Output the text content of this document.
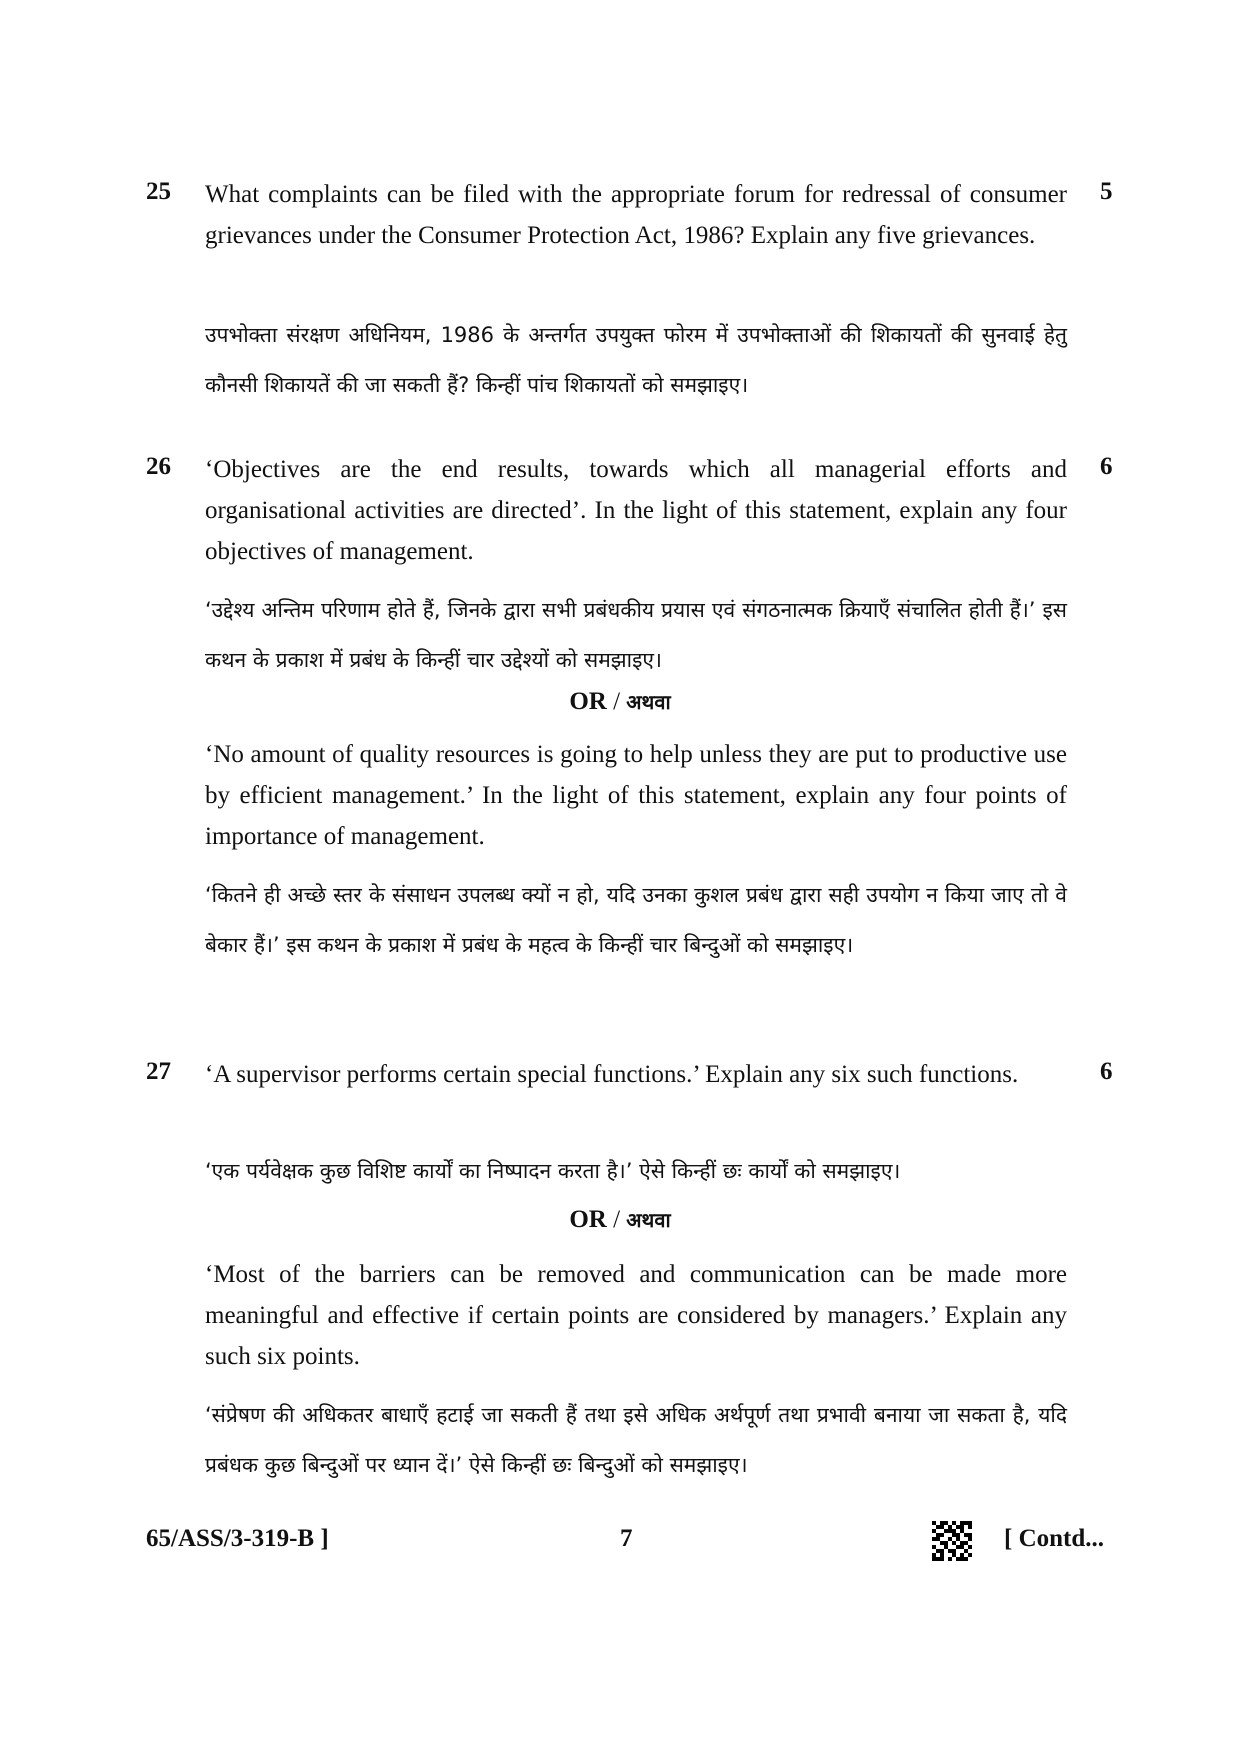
25	5
What complaints can be filed with the appropriate forum for redressal of consumer grievances under the Consumer Protection Act, 1986? Explain any five grievances.
उपभोक्ता संरक्षण अधिनियम, 1986 के अन्तर्गत उपयुक्त फोरम में उपभोक्ताओं की शिकायतों की सुनवाई हेतु कौनसी शिकायतें की जा सकती हैं? किन्हीं पांच शिकायतों को समझाइए।
26	6
‘Objectives are the end results, towards which all managerial efforts and organisational activities are directed’. In the light of this statement, explain any four objectives of management.
‘उद्देश्य अन्तिम परिणाम होते हैं, जिनके द्वारा सभी प्रबंधकीय प्रयास एवं संगठनात्मक क्रियाएँ संचालित होती हैं।’ इस कथन के प्रकाश में प्रबंध के किन्हीं चार उद्देश्यों को समझाइए।
OR / अथवा
‘No amount of quality resources is going to help unless they are put to productive use by efficient management.’ In the light of this statement, explain any four points of importance of management.
‘कितने ही अच्छे स्तर के संसाधन उपलब्ध क्यों न हो, यदि उनका कुशल प्रबंध द्वारा सही उपयोग न किया जाए तो वे बेकार हैं।’ इस कथन के प्रकाश में प्रबंध के महत्व के किन्हीं चार बिन्दुओं को समझाइए।
27	6
‘A supervisor performs certain special functions.’ Explain any six such functions.
‘एक पर्यवेक्षक कुछ विशिष्ट कार्यों का निष्पादन करता है।’ ऐसे किन्हीं छः कार्यों को समझाइए।
OR / अथवा
‘Most of the barriers can be removed and communication can be made more meaningful and effective if certain points are considered by managers.’ Explain any such six points.
‘संप्रेषण की अधिकतर बाधाएँ हटाई जा सकती हैं तथा इसे अधिक अर्थपूर्ण तथा प्रभावी बनाया जा सकता है, यदि प्रबंधक कुछ बिन्दुओं पर ध्यान दें।’ ऐसे किन्हीं छः बिन्दुओं को समझाइए।
65/ASS/3-319-B ]	7	[ Contd...
